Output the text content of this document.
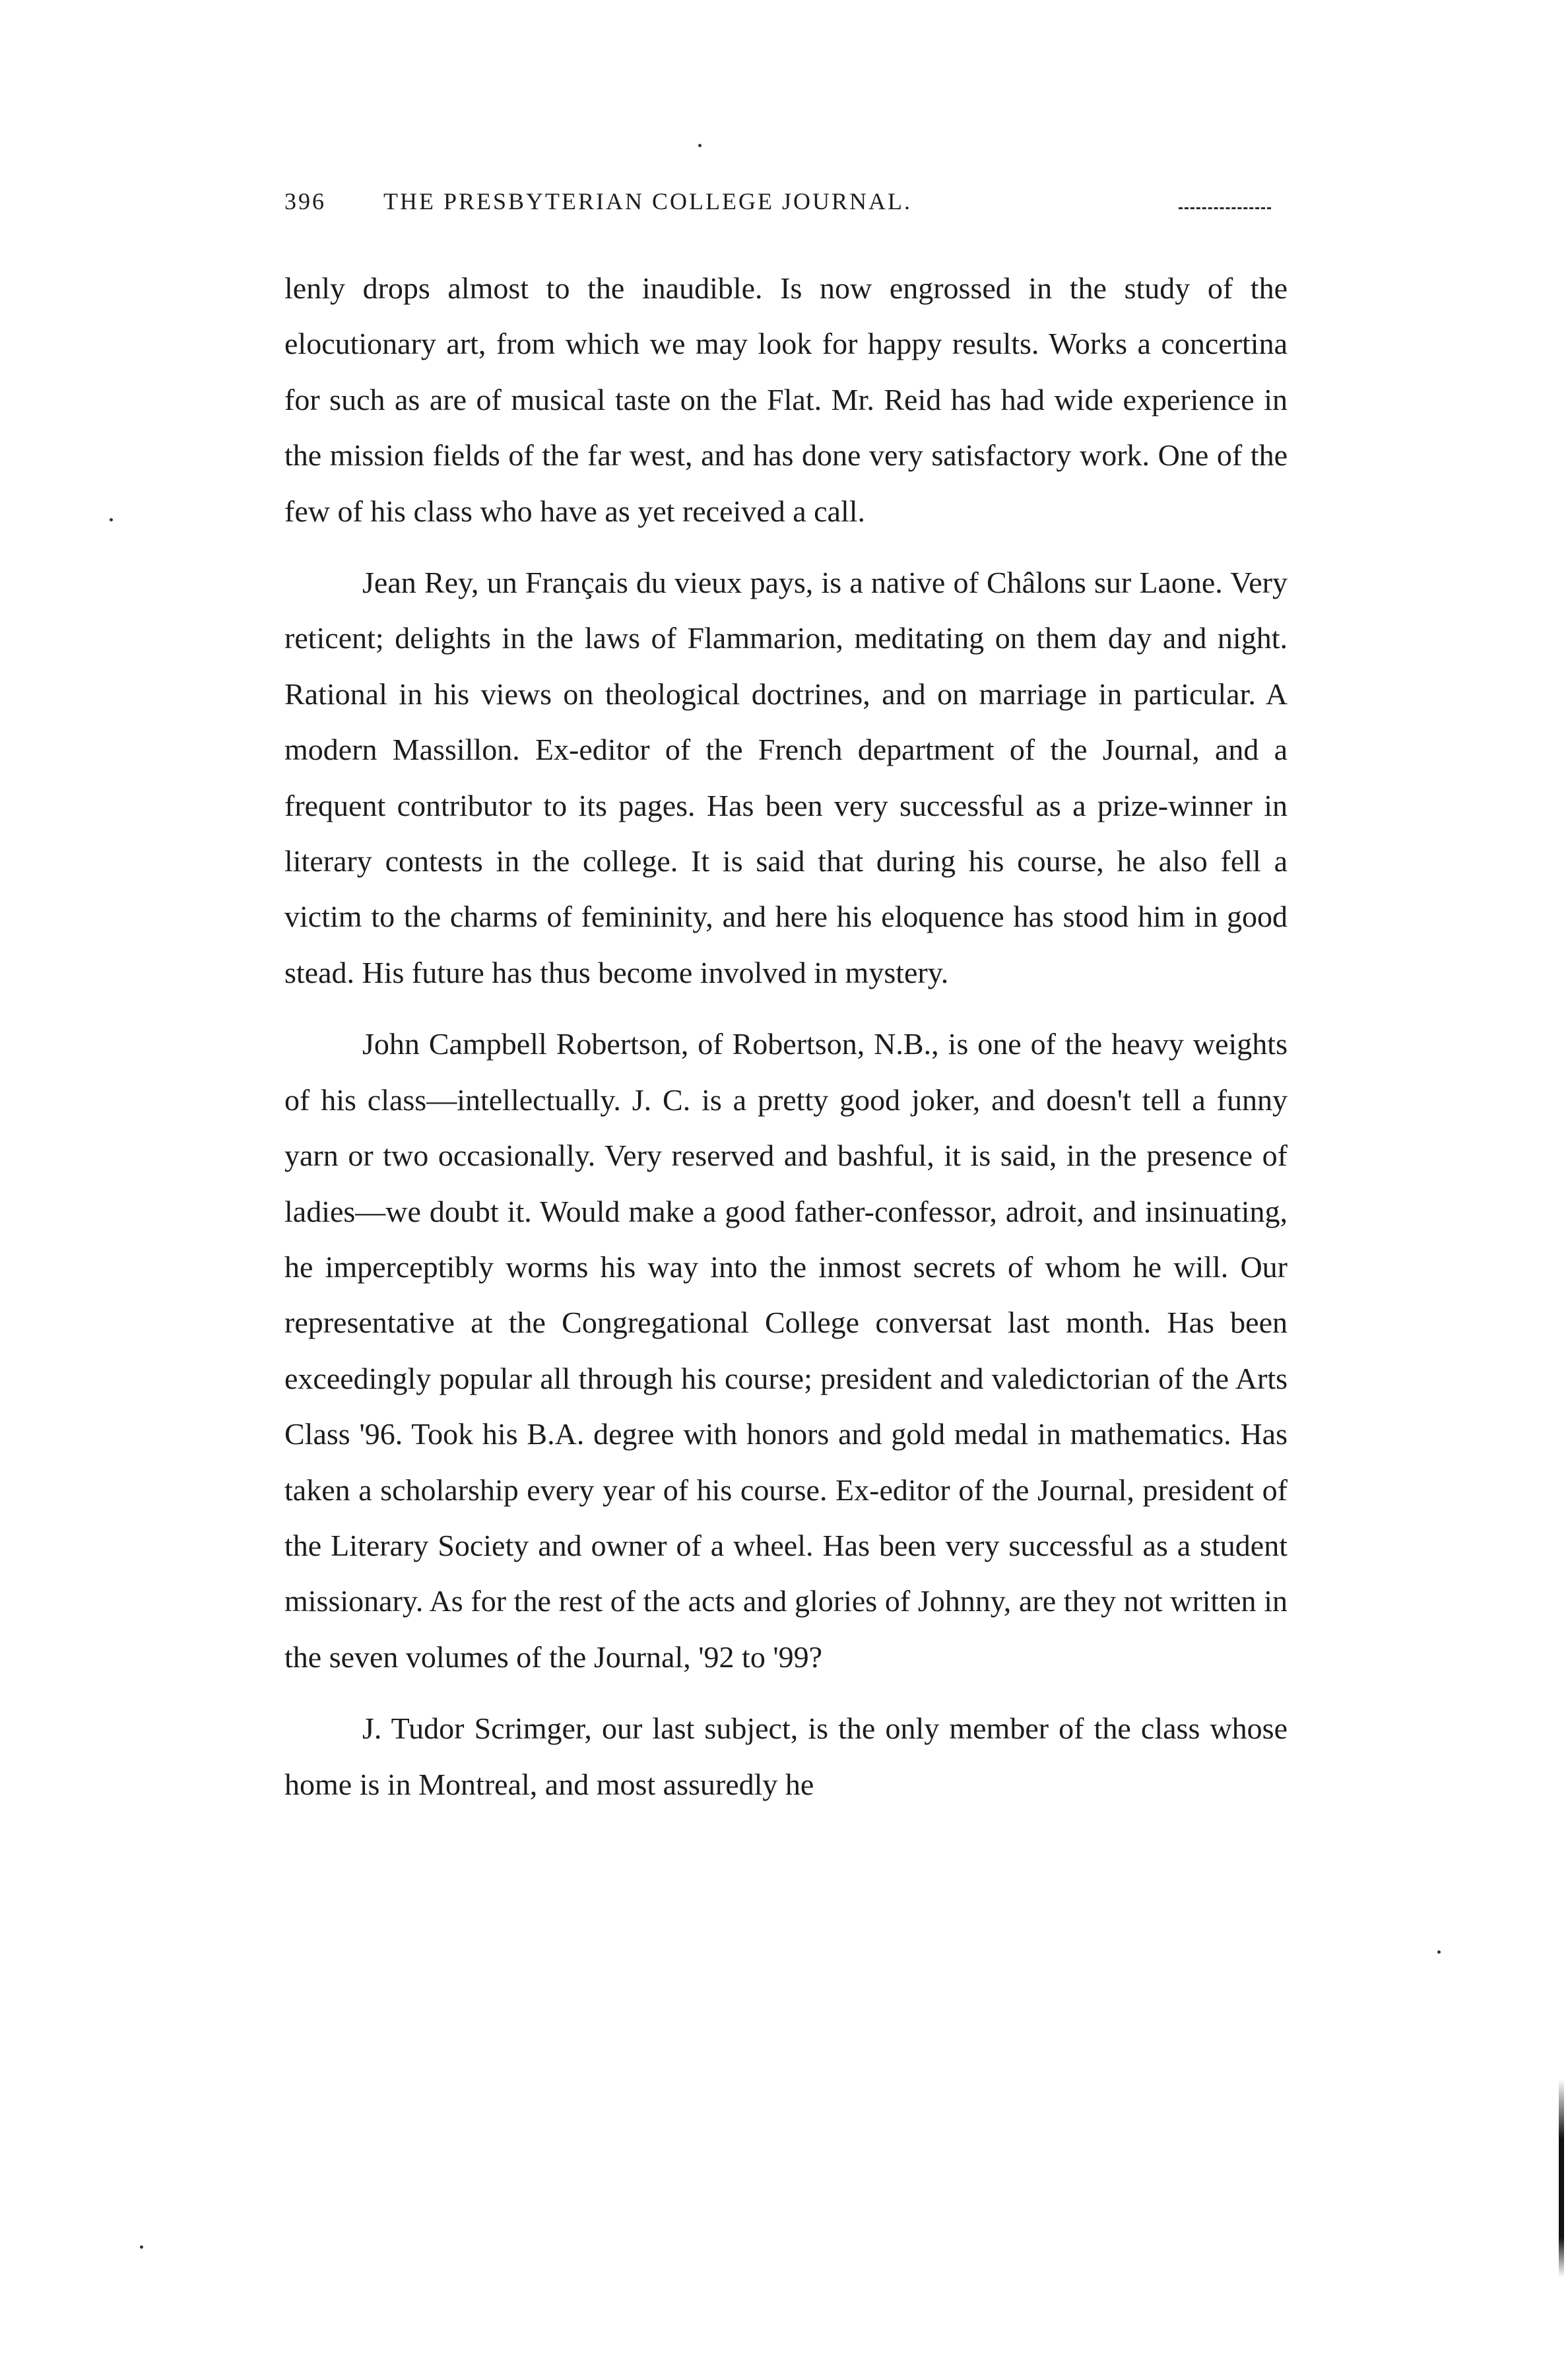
396 THE PRESBYTERIAN COLLEGE JOURNAL.

lenly drops almost to the inaudible. Is now engrossed in the study of the elocutionary art, from which we may look for happy results. Works a concertina for such as are of musical taste on the Flat. Mr. Reid has had wide experience in the mission fields of the far west, and has done very satisfactory work. One of the few of his class who have as yet received a call.

Jean Rey, un Français du vieux pays, is a native of Châlons sur Laone. Very reticent; delights in the laws of Flammarion, meditating on them day and night. Rational in his views on theological doctrines, and on marriage in particular. A modern Massillon. Ex-editor of the French department of the Journal, and a frequent contributor to its pages. Has been very successful as a prize-winner in literary contests in the college. It is said that during his course, he also fell a victim to the charms of femininity, and here his eloquence has stood him in good stead. His future has thus become involved in mystery.

John Campbell Robertson, of Robertson, N.B., is one of the heavy weights of his class—intellectually. J. C. is a pretty good joker, and doesn't tell a funny yarn or two occasionally. Very reserved and bashful, it is said, in the presence of ladies—we doubt it. Would make a good father-confessor, adroit, and insinuating, he imperceptibly worms his way into the inmost secrets of whom he will. Our representative at the Congregational College conversat last month. Has been exceedingly popular all through his course; president and valedictorian of the Arts Class '96. Took his B.A. degree with honors and gold medal in mathematics. Has taken a scholarship every year of his course. Ex-editor of the Journal, president of the Literary Society and owner of a wheel. Has been very successful as a student missionary. As for the rest of the acts and glories of Johnny, are they not written in the seven volumes of the Journal, '92 to '99?

J. Tudor Scrimger, our last subject, is the only member of the class whose home is in Montreal, and most assuredly he
